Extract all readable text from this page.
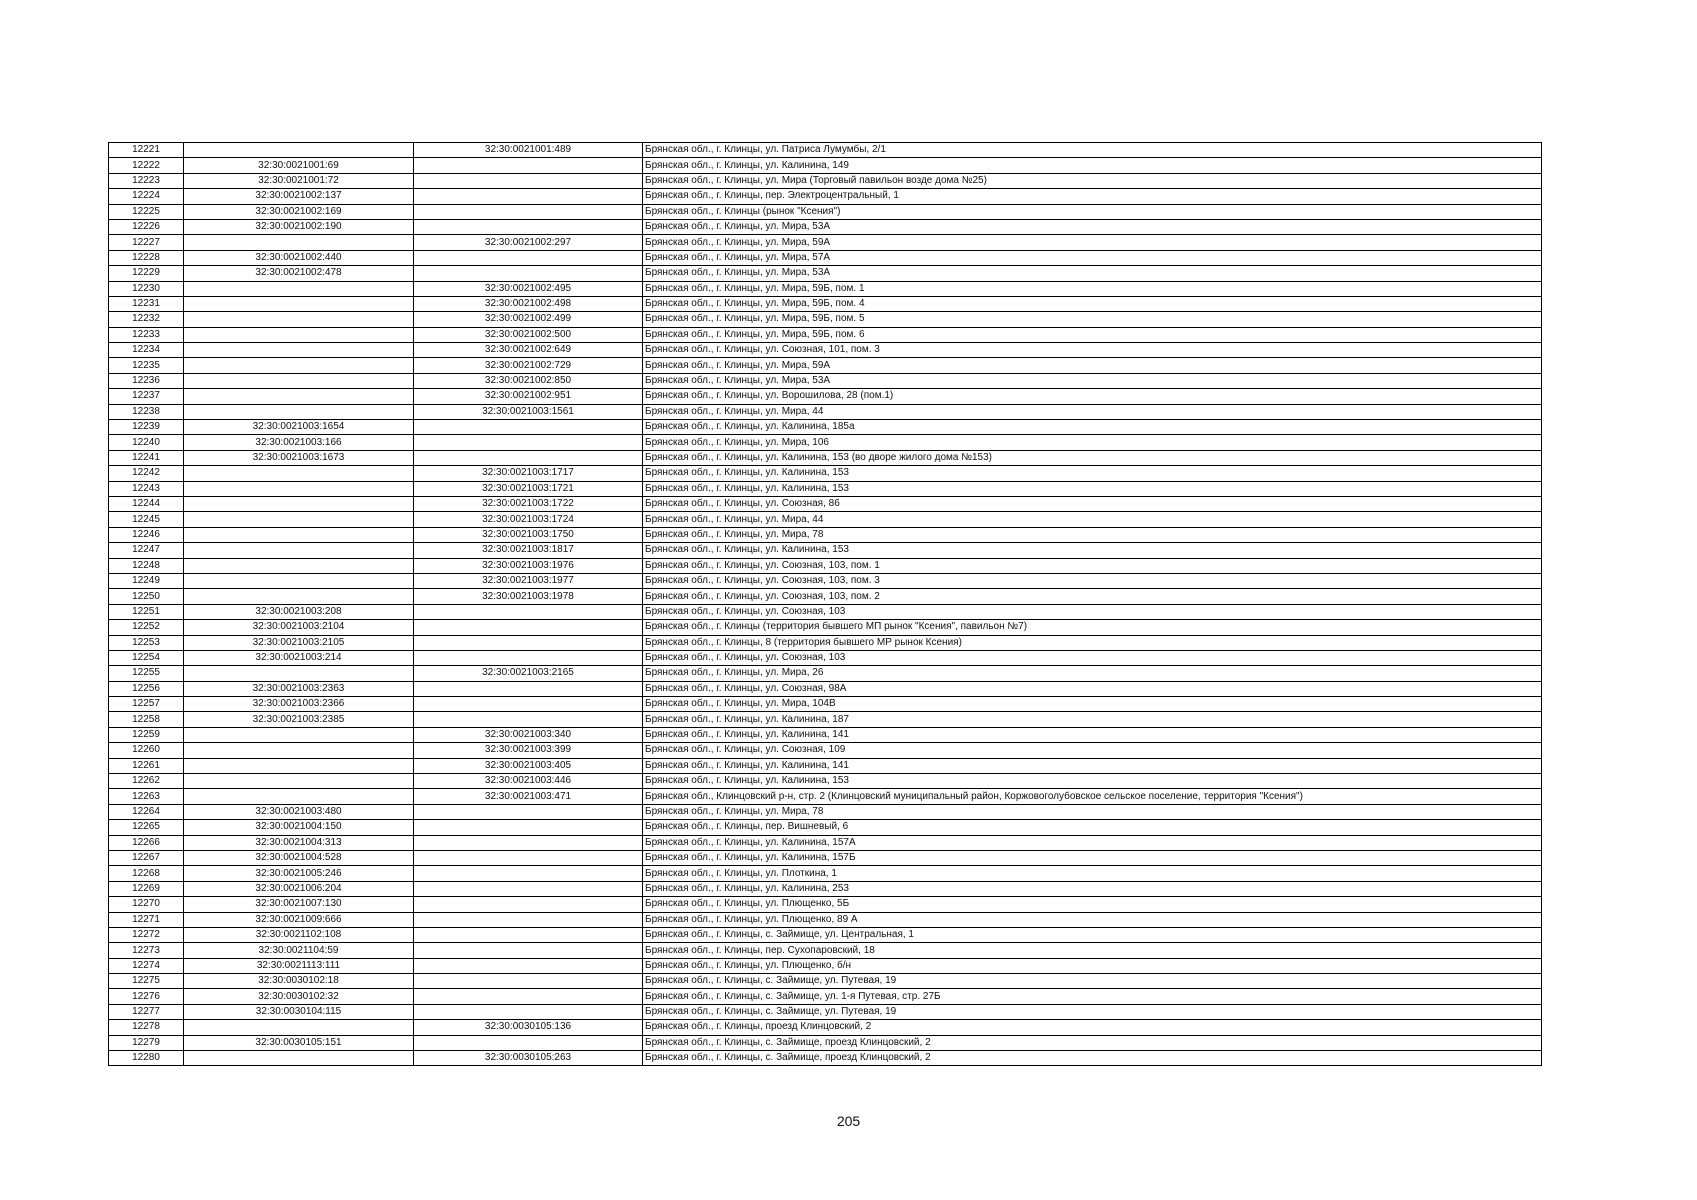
12221		32:30:0021001:489	Брянская обл., г. Клинцы, ул. Патриса Лумумбы, 2/1
12222	32:30:0021001:69		Брянская обл., г. Клинцы, ул. Калинина, 149
12223	32:30:0021001:72		Брянская обл., г. Клинцы, ул. Мира (Торговый павильон возде дома №25)
12224	32:30:0021002:137		Брянская обл., г. Клинцы, пер. Электроцентральный, 1
12225	32:30:0021002:169		Брянская обл., г. Клинцы (рынок "Ксения")
12226	32:30:0021002:190		Брянская обл., г. Клинцы, ул. Мира, 53А
12227		32:30:0021002:297	Брянская обл., г. Клинцы, ул. Мира, 59А
12228	32:30:0021002:440		Брянская обл., г. Клинцы, ул. Мира, 57А
12229	32:30:0021002:478		Брянская обл., г. Клинцы, ул. Мира, 53А
12230		32:30:0021002:495	Брянская обл., г. Клинцы, ул. Мира, 59Б, пом. 1
12231		32:30:0021002:498	Брянская обл., г. Клинцы, ул. Мира, 59Б, пом. 4
12232		32:30:0021002:499	Брянская обл., г. Клинцы, ул. Мира, 59Б, пом. 5
12233		32:30:0021002:500	Брянская обл., г. Клинцы, ул. Мира, 59Б, пом. 6
12234		32:30:0021002:649	Брянская обл., г. Клинцы, ул. Союзная, 101, пом. 3
12235		32:30:0021002:729	Брянская обл., г. Клинцы, ул. Мира, 59А
12236		32:30:0021002:850	Брянская обл., г. Клинцы, ул. Мира, 53А
12237		32:30:0021002:951	Брянская обл., г. Клинцы, ул. Ворошилова, 28 (пом.1)
12238		32:30:0021003:1561	Брянская обл., г. Клинцы, ул. Мира, 44
12239	32:30:0021003:1654		Брянская обл., г. Клинцы, ул. Калинина, 185а
12240	32:30:0021003:166		Брянская обл., г. Клинцы, ул. Мира, 106
12241	32:30:0021003:1673		Брянская обл., г. Клинцы, ул. Калинина, 153 (во дворе жилого дома №153)
12242		32:30:0021003:1717	Брянская обл., г. Клинцы, ул. Калинина, 153
12243		32:30:0021003:1721	Брянская обл., г. Клинцы, ул. Калинина, 153
12244		32:30:0021003:1722	Брянская обл., г. Клинцы, ул. Союзная, 86
12245		32:30:0021003:1724	Брянская обл., г. Клинцы, ул. Мира, 44
12246		32:30:0021003:1750	Брянская обл., г. Клинцы, ул. Мира, 78
12247		32:30:0021003:1817	Брянская обл., г. Клинцы, ул. Калинина, 153
12248		32:30:0021003:1976	Брянская обл., г. Клинцы, ул. Союзная, 103, пом. 1
12249		32:30:0021003:1977	Брянская обл., г. Клинцы, ул. Союзная, 103, пом. 3
12250		32:30:0021003:1978	Брянская обл., г. Клинцы, ул. Союзная, 103, пом. 2
12251	32:30:0021003:208		Брянская обл., г. Клинцы, ул. Союзная, 103
12252	32:30:0021003:2104		Брянская обл., г. Клинцы (территория бывшего МП рынок "Ксения", павильон №7)
12253	32:30:0021003:2105		Брянская обл., г. Клинцы, 8 (территория бывшего МР рынок Ксения)
12254	32:30:0021003:214		Брянская обл., г. Клинцы, ул. Союзная, 103
12255		32:30:0021003:2165	Брянская обл., г. Клинцы, ул. Мира, 26
12256	32:30:0021003:2363		Брянская обл., г. Клинцы, ул. Союзная, 98А
12257	32:30:0021003:2366		Брянская обл., г. Клинцы, ул. Мира, 104В
12258	32:30:0021003:2385		Брянская обл., г. Клинцы, ул. Калинина, 187
12259		32:30:0021003:340	Брянская обл., г. Клинцы, ул. Калинина, 141
12260		32:30:0021003:399	Брянская обл., г. Клинцы, ул. Союзная, 109
12261		32:30:0021003:405	Брянская обл., г. Клинцы, ул. Калинина, 141
12262		32:30:0021003:446	Брянская обл., г. Клинцы, ул. Калинина, 153
12263		32:30:0021003:471	Брянская обл., Клинцовский р-н, стр. 2 (Клинцовский муниципальный район, Коржовоголубовское сельское поселение, территория "Ксения")
12264	32:30:0021003:480		Брянская обл., г. Клинцы, ул. Мира, 78
12265	32:30:0021004:150		Брянская обл., г. Клинцы, пер. Вишневый, 6
12266	32:30:0021004:313		Брянская обл., г. Клинцы, ул. Калинина, 157А
12267	32:30:0021004:528		Брянская обл., г. Клинцы, ул. Калинина, 157Б
12268	32:30:0021005:246		Брянская обл., г. Клинцы, ул. Плоткина, 1
12269	32:30:0021006:204		Брянская обл., г. Клинцы, ул. Калинина, 253
12270	32:30:0021007:130		Брянская обл., г. Клинцы, ул. Плющенко, 5Б
12271	32:30:0021009:666		Брянская обл., г. Клинцы, ул. Плющенко, 89 А
12272	32:30:0021102:108		Брянская обл., г. Клинцы, с. Займище, ул. Центральная, 1
12273	32:30:0021104:59		Брянская обл., г. Клинцы, пер. Сухопаровский, 18
12274	32:30:0021113:111		Брянская обл., г. Клинцы, ул. Плющенко, б/н
12275	32:30:0030102:18		Брянская обл., г. Клинцы, с. Займище, ул. Путевая, 19
12276	32:30:0030102:32		Брянская обл., г. Клинцы, с. Займище, ул. 1-я Путевая, стр. 27Б
12277	32:30:0030104:115		Брянская обл., г. Клинцы, с. Займище, ул. Путевая, 19
12278		32:30:0030105:136	Брянская обл., г. Клинцы, проезд Клинцовский, 2
12279	32:30:0030105:151		Брянская обл., г. Клинцы, с. Займище, проезд Клинцовский, 2
12280		32:30:0030105:263	Брянская обл., г. Клинцы, с. Займище, проезд Клинцовский, 2
205
